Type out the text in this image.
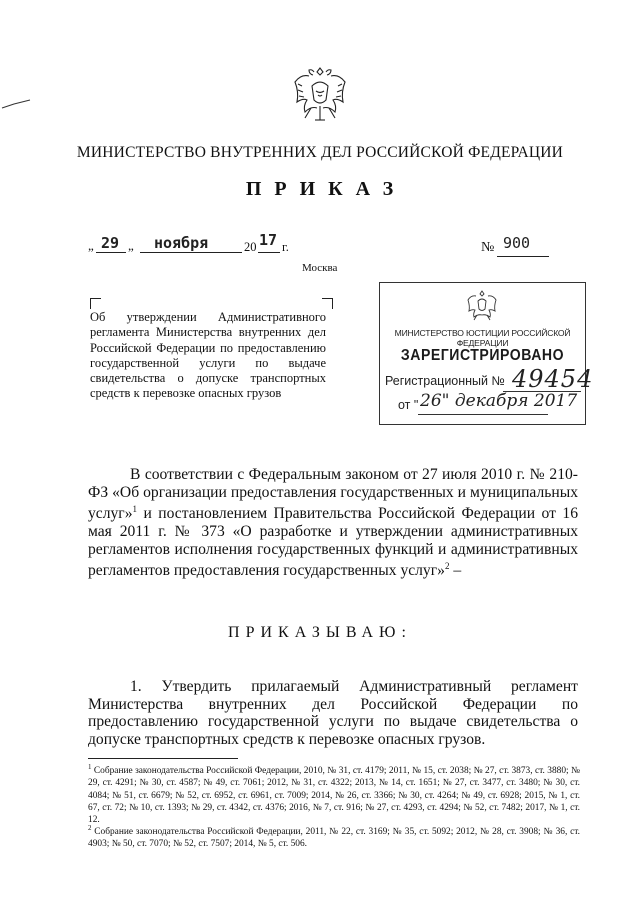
МИНИСТЕРСТВО ВНУТРЕННИХ ДЕЛ РОССИЙСКОЙ ФЕДЕРАЦИИ
ПРИКАЗ
„ 29 „ ноября	20 17 г.
Москва
№ 900
Об утверждении Административного регламента Министерства внутренних дел Российской Федерации по предоставлению государственной услуги по выдаче свидетельства о допуске транспортных средств к перевозке опасных грузов
МИНИСТЕРСТВО ЮСТИЦИИ РОССИЙСКОЙ ФЕДЕРАЦИИ
ЗАРЕГИСТРИРОВАНО
Регистрационный № 49454
от " 26" декабря 2017
В соответствии с Федеральным законом от 27 июля 2010 г. № 210-ФЗ «Об организации предоставления государственных и муниципальных услуг»$^1$ и постановлением Правительства Российской Федерации от 16 мая 2011 г. № 373 «О разработке и утверждении административных регламентов исполнения государственных функций и административных регламентов предоставления государственных услуг»$^2$ –
ПРИКАЗЫВАЮ:
1. Утвердить прилагаемый Административный регламент Министерства внутренних дел Российской Федерации по предоставлению государственной услуги по выдаче свидетельства о допуске транспортных средств к перевозке опасных грузов.
$^1$ Собрание законодательства Российской Федерации, 2010, № 31, ст. 4179; 2011, № 15, ст. 2038; № 27, ст. 3873, ст. 3880; № 29, ст. 4291; № 30, ст. 4587; № 49, ст. 7061; 2012, № 31, ст. 4322; 2013, № 14, ст. 1651; № 27, ст. 3477, ст. 3480; № 30, ст. 4084; № 51, ст. 6679; № 52, ст. 6952, ст. 6961, ст. 7009; 2014, № 26, ст. 3366; № 30, ст. 4264; № 49, ст. 6928; 2015, № 1, ст. 67, ст. 72; № 10, ст. 1393; № 29, ст. 4342, ст. 4376; 2016, № 7, ст. 916; № 27, ст. 4293, ст. 4294; № 52, ст. 7482; 2017, № 1, ст. 12.
$^2$ Собрание законодательства Российской Федерации, 2011, № 22, ст. 3169; № 35, ст. 5092; 2012, № 28, ст. 3908; № 36, ст. 4903; № 50, ст. 7070; № 52, ст. 7507; 2014, № 5, ст. 506.
